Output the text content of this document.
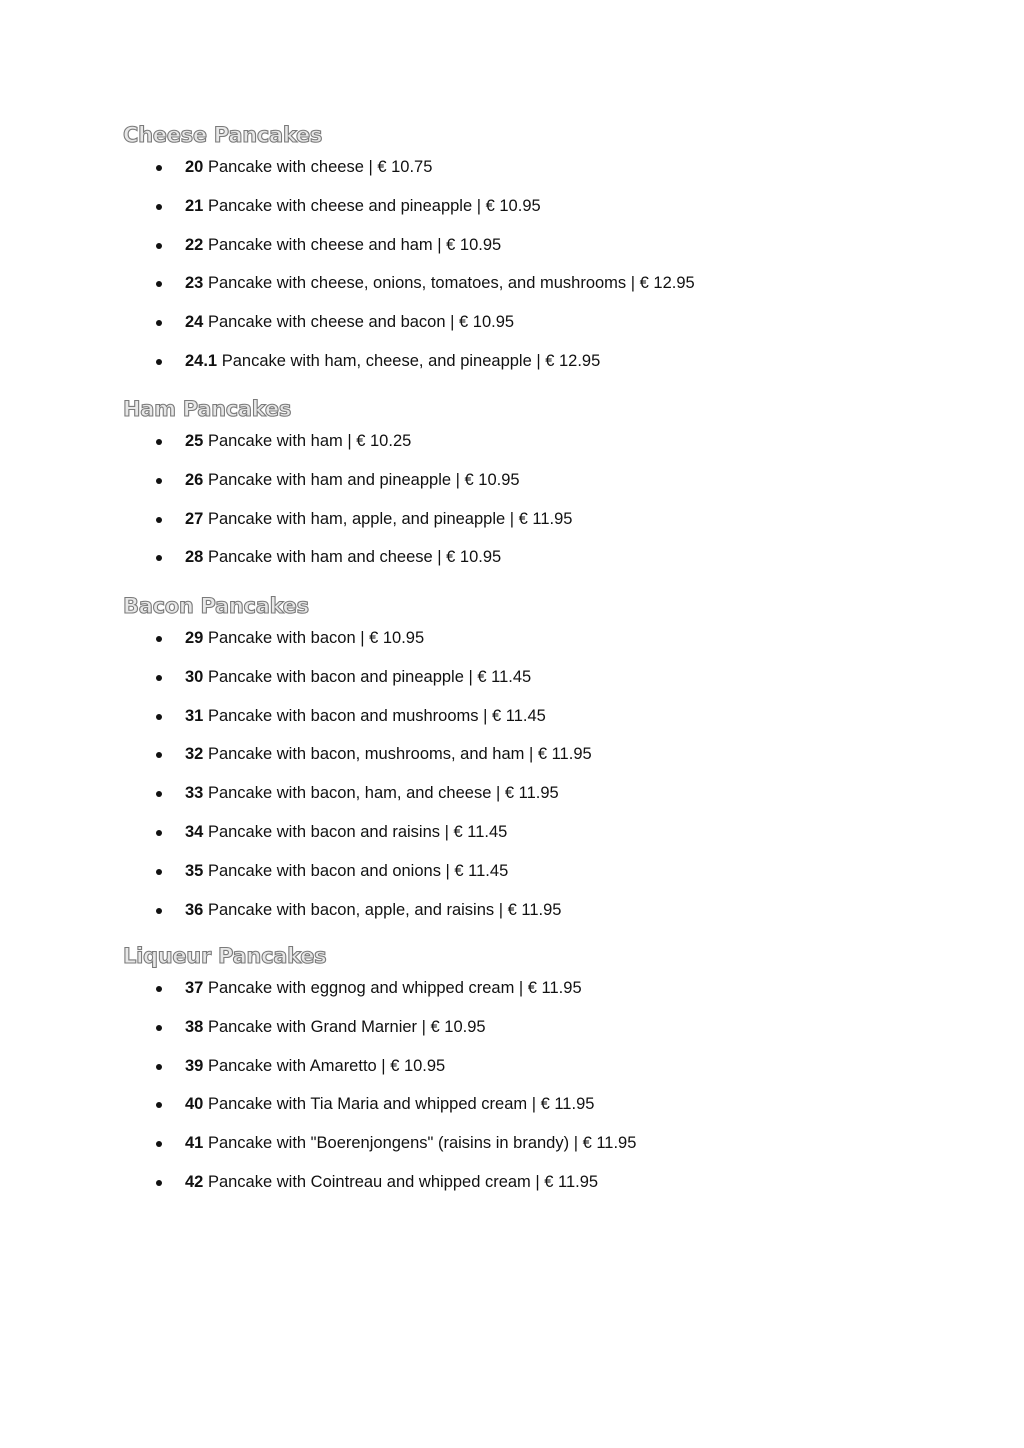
Cheese Pancakes
20 Pancake with cheese | € 10.75
21 Pancake with cheese and pineapple | € 10.95
22 Pancake with cheese and ham | € 10.95
23 Pancake with cheese, onions, tomatoes, and mushrooms | € 12.95
24 Pancake with cheese and bacon | € 10.95
24.1 Pancake with ham, cheese, and pineapple | € 12.95
Ham Pancakes
25 Pancake with ham | € 10.25
26 Pancake with ham and pineapple | € 10.95
27 Pancake with ham, apple, and pineapple | € 11.95
28 Pancake with ham and cheese | € 10.95
Bacon Pancakes
29 Pancake with bacon | € 10.95
30 Pancake with bacon and pineapple | € 11.45
31 Pancake with bacon and mushrooms | € 11.45
32 Pancake with bacon, mushrooms, and ham | € 11.95
33 Pancake with bacon, ham, and cheese | € 11.95
34 Pancake with bacon and raisins | € 11.45
35 Pancake with bacon and onions | € 11.45
36 Pancake with bacon, apple, and raisins | € 11.95
Liqueur Pancakes
37 Pancake with eggnog and whipped cream | € 11.95
38 Pancake with Grand Marnier | € 10.95
39 Pancake with Amaretto | € 10.95
40 Pancake with Tia Maria and whipped cream | € 11.95
41 Pancake with "Boerenjongens" (raisins in brandy) | € 11.95
42 Pancake with Cointreau and whipped cream | € 11.95
